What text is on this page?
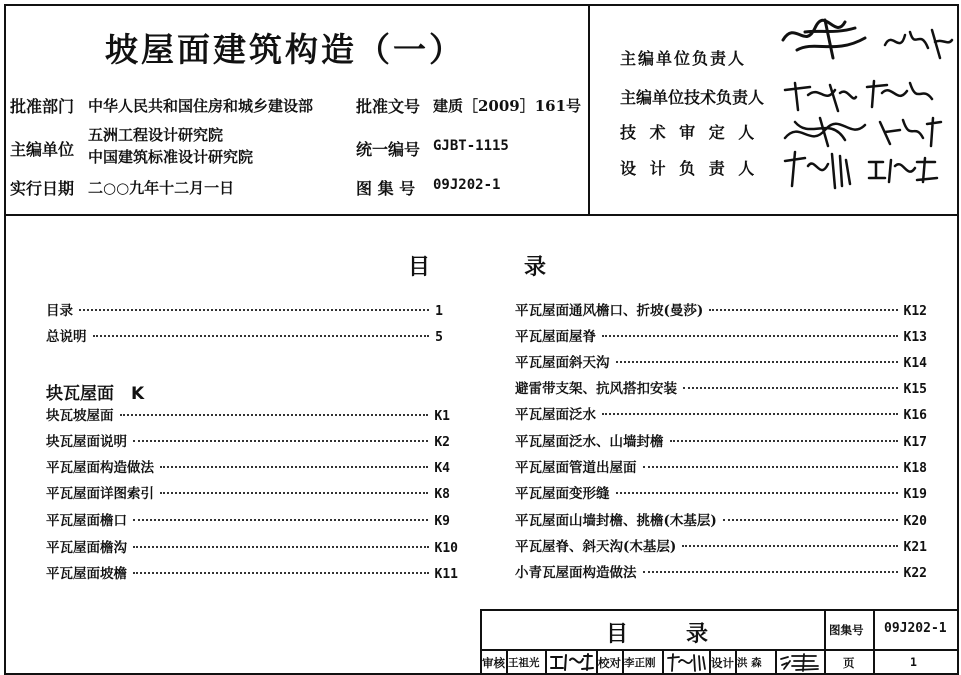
坡屋面建筑构造（一）
批准部门 中华人民共和国住房和城乡建设部
主编单位
五洲工程设计研究院
中国建筑标准设计研究院
实行日期 二○○九年十二月一日
批准文号 建质［2009］161号
统一编号 GJBT-1115
图 集 号 09J202-1
主编单位负责人
主编单位技术负责人
技 术 审 定 人
设 计 负 责 人
目	录
目录	1
总说明	5
块瓦屋面　K
块瓦坡屋面	K1
块瓦屋面说明	K2
平瓦屋面构造做法	K4
平瓦屋面详图索引	K8
平瓦屋面檐口	K9
平瓦屋面檐沟	K10
平瓦屋面坡檐	K11
平瓦屋面通风檐口、折坡(曼莎)	K12
平瓦屋面屋脊	K13
平瓦屋面斜天沟	K14
避雷带支架、抗风搭扣安装	K15
平瓦屋面泛水	K16
平瓦屋面泛水、山墙封檐	K17
平瓦屋面管道出屋面	K18
平瓦屋面变形缝	K19
平瓦屋面山墙封檐、挑檐(木基层)	K20
平瓦屋脊、斜天沟(木基层)	K21
小青瓦屋面构造做法	K22
目	录	图集号 09J202-1
审核 王祖光	校对 李正刚	设计 洪 森	页	1
